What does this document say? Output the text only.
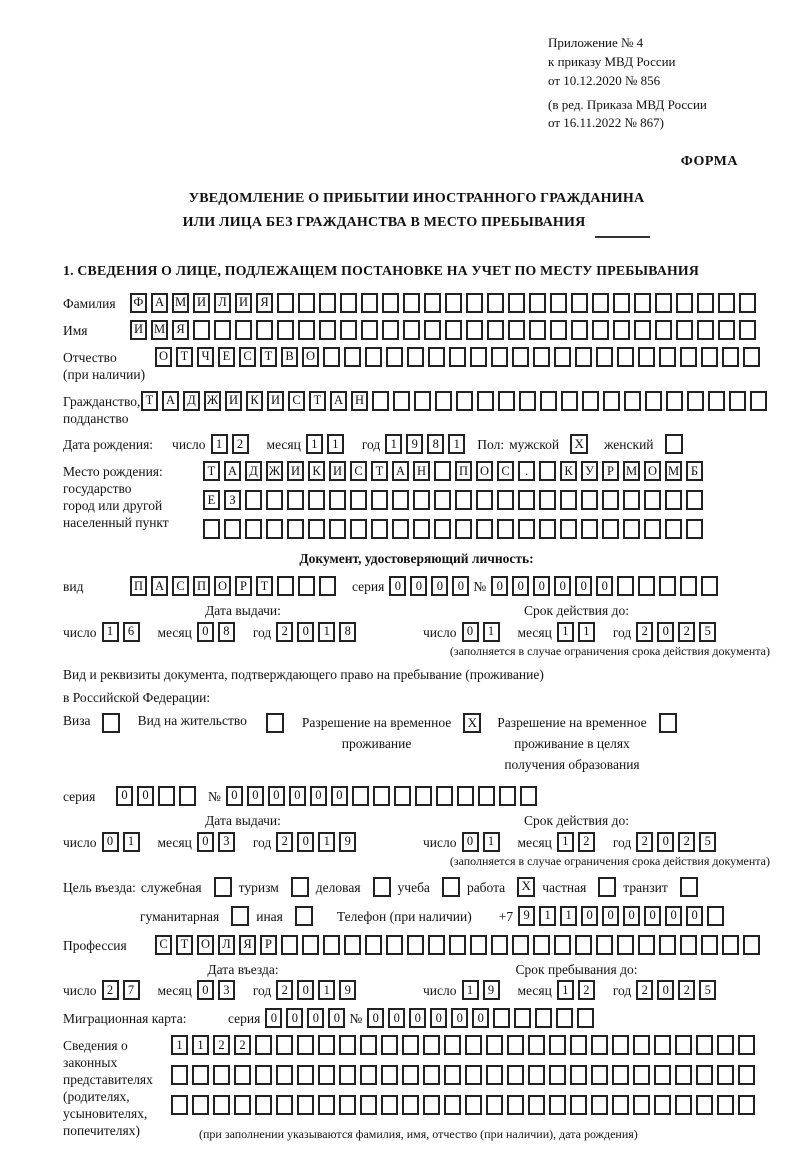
Приложение № 4
к приказу МВД России
от 10.12.2020 № 856
(в ред. Приказа МВД России
от 16.11.2022 № 867)
ФОРМА
УВЕДОМЛЕНИЕ О ПРИБЫТИИ ИНОСТРАННОГО ГРАЖДАНИНА
ИЛИ ЛИЦА БЕЗ ГРАЖДАНСТВА В МЕСТО ПРЕБЫВАНИЯ
1. СВЕДЕНИЯ О ЛИЦЕ, ПОДЛЕЖАЩЕМ ПОСТАНОВКЕ НА УЧЕТ ПО МЕСТУ ПРЕБЫВАНИЯ
Фамилия	Ф А М И Л И Я
Имя	И М Я
Отчество
(при наличии)
О	Т	Ч	Е	С	Т	В О
Гражданство,
подданство
Т	А Д Ж И К И С	Т	А Н
Дата рождения:	число 1	2	месяц 1	1	год 1	9	8	1	Пол: мужской	X	женский
Место рождения:
государство
город или другой
населенный пункт
Т	А Д Ж И К И С	Т	А Н	П О С	.	К У	Р М О М Б
Е	З
Документ, удостоверяющий личность:
вид	П А С П О	Р	Т	серия 0	0	0	0 № 0	0	0	0	0	0
Дата выдачи:	Срок действия до:
число 1	6	месяц 0	8	год 2	0	1	8	число 0	1	месяц 1	1	год 2	0	2	5
(заполняется в случае ограничения срока действия документа)
Вид и реквизиты документа, подтверждающего право на пребывание (проживание)
в Российской Федерации:
Виза	Вид на жительство	Разрешение на временное
проживание
X	Разрешение на временное
проживание в целях
получения образования
серия	0	0	№ 0	0	0	0	0	0
Дата выдачи:	Срок действия до:
число 0	1	месяц 0	3	год 2	0	1	9	число 0	1	месяц 1	2	год 2	0	2	5
(заполняется в случае ограничения срока действия документа)
Цель въезда: служебная	туризм	деловая	учеба	работа	X частная	транзит
гуманитарная	иная	Телефон (при наличии)	+7 9	1	1	0	0	0	0	0	0
Профессия	С	Т	О Л	Я	Р
Дата въезда:	Срок пребывания до:
число 2	7	месяц 0	3	год 2	0	1	9	число 1	9	месяц 1	2	год 2	0	2	5
Миграционная карта:	серия 0	0	0	0 № 0	0	0	0	0	0
Сведения о
законных
представителях
(родителях,
усыновителях,
попечителях)
1	1	2	2
(при заполнении указываются фамилия, имя, отчество (при наличии), дата рождения)
